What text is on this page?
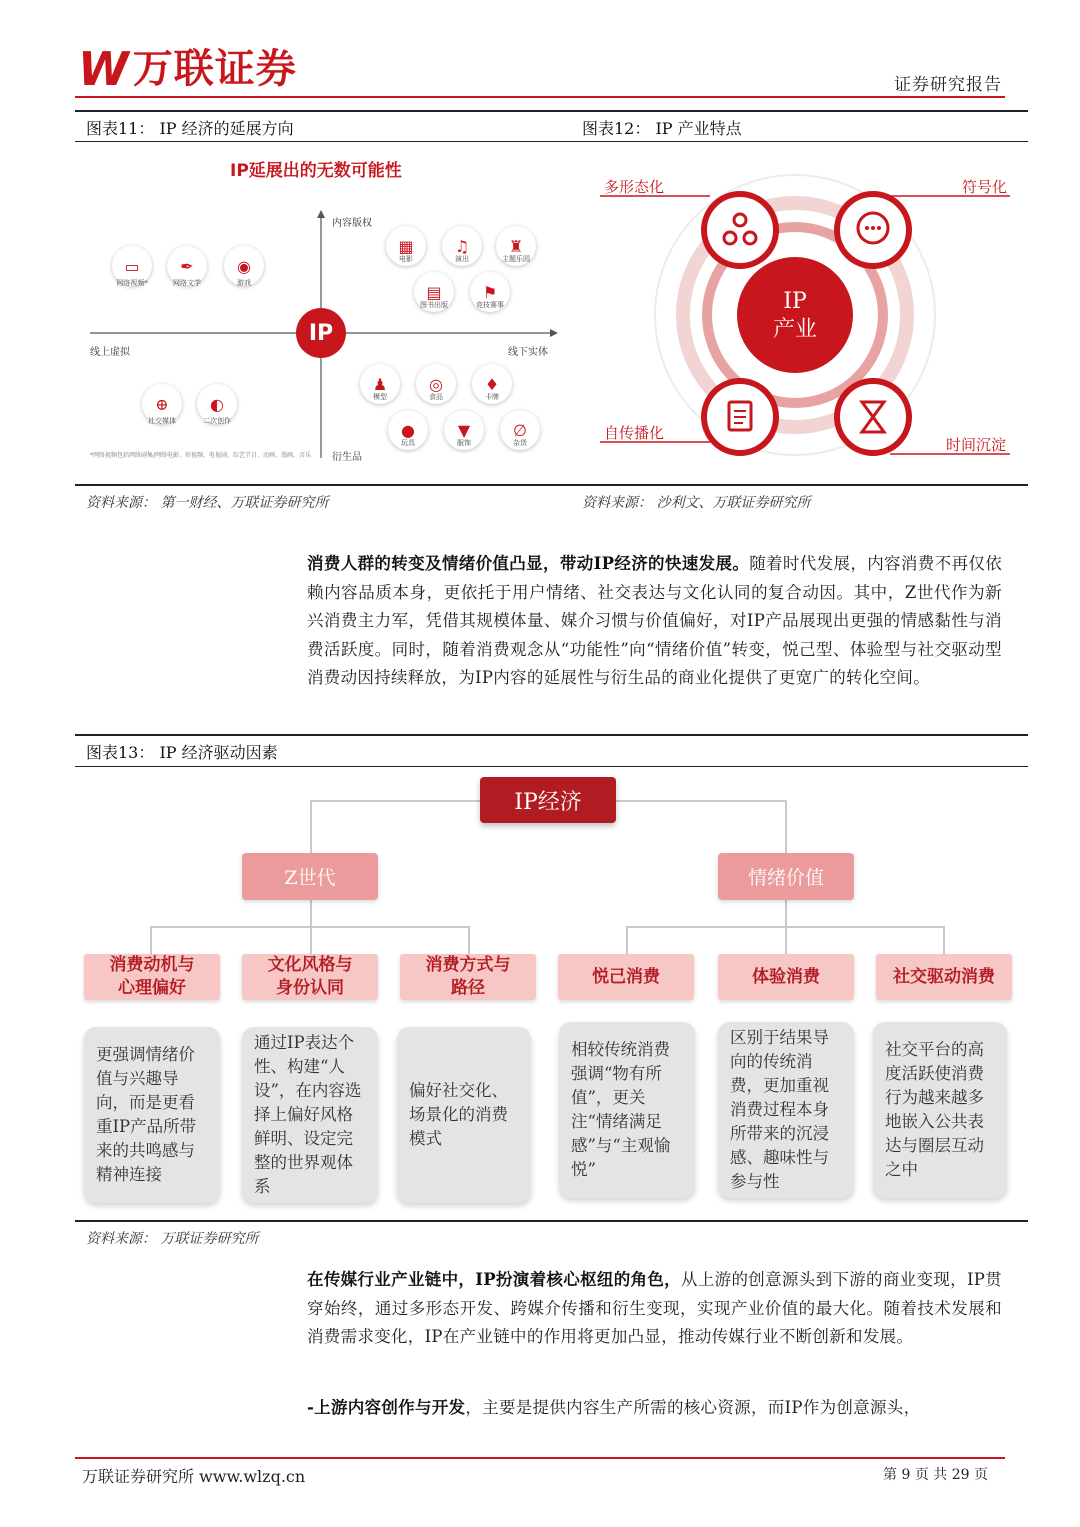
W 万联证券	证券研究报告
图表11： IP 经济的延展方向	图表12： IP 产业特点
IP延展出的无数可能性
内容版权
线上虚拟	线下实体
衍生品
IP
▭
网络视频*
✒
网络文学
◉
游戏
▦
电影
♫
演出
♜
主题乐园
▤
图书出版
⚑
竞技赛事
⊕
社交媒体
◐
二次创作
♟
模型
◎
食品
♦
卡牌
●
玩具
▼
服饰
∅
杂货
*网络视频包括网络剧集/网络电影、短视频、电视剧、综艺节目、动画、漫画、音乐
IP
产业
多形态化	符号化
自传播化
时间沉淀
资料来源： 第一财经、万联证券研究所	资料来源： 沙利文、万联证券研究所
消费人群的转变及情绪价值凸显，带动IP经济的快速发展。随着时代发展，内容消费不再仅依赖内容品质本身，更依托于用户情绪、社交表达与文化认同的复合动因。其中，Z世代作为新兴消费主力军，凭借其规模体量、媒介习惯与价值偏好，对IP产品展现出更强的情感黏性与消费活跃度。同时，随着消费观念从“功能性”向“情绪价值”转变，悦己型、体验型与社交驱动型消费动因持续释放，为IP内容的延展性与衍生品的商业化提供了更宽广的转化空间。
图表13： IP 经济驱动因素
IP经济
Z世代	情绪价值
消费动机与
心理偏好
文化风格与
身份认同
消费方式与
路径
悦己消费	体验消费	社交驱动消费
更强调情绪价值与兴趣导向，而是更看重IP产品所带来的共鸣感与精神连接
通过IP表达个性、构建“人设”，在内容选择上偏好风格鲜明、设定完整的世界观体系
偏好社交化、场景化的消费模式
相较传统消费强调“物有所值”，更关注“情绪满足感”与“主观愉悦”
区别于结果导向的传统消费，更加重视消费过程本身所带来的沉浸感、趣味性与参与性
社交平台的高度活跃使消费行为越来越多地嵌入公共表达与圈层互动之中
资料来源： 万联证券研究所
在传媒行业产业链中，IP扮演着核心枢纽的角色，从上游的创意源头到下游的商业变现，IP贯穿始终，通过多形态开发、跨媒介传播和衍生变现，实现产业价值的最大化。随着技术发展和消费需求变化，IP在产业链中的作用将更加凸显，推动传媒行业不断创新和发展。
-上游内容创作与开发，主要是提供内容生产所需的核心资源，而IP作为创意源头，
万联证券研究所 www.wlzq.cn	第 9 页 共 29 页
